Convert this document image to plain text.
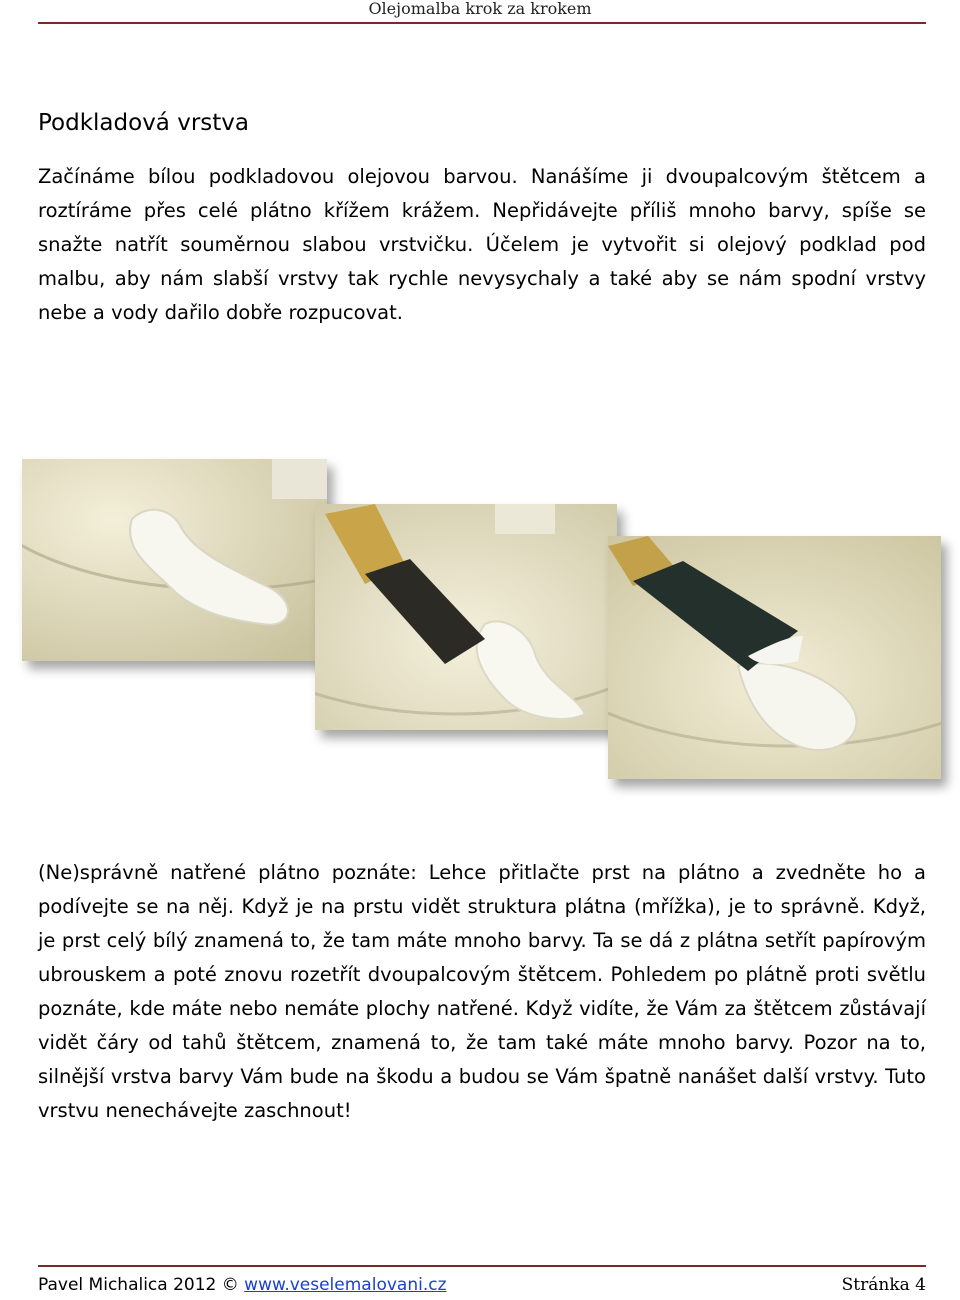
Olejomalba krok za krokem
Podkladová vrstva
Začínáme bílou podkladovou olejovou barvou. Nanášíme ji dvoupalcovým štětcem a roztíráme přes celé plátno křížem krážem. Nepřidávejte příliš mnoho barvy, spíše se snažte natřít souměrnou slabou vrstvičku. Účelem je vytvořit si olejový podklad pod malbu, aby nám slabší vrstvy tak rychle nevysychaly a také aby se nám spodní vrstvy nebe a vody dařilo dobře rozpucovat.
(Ne)správně natřené plátno poznáte: Lehce přitlačte prst na plátno a zvedněte ho a podívejte se na něj. Když je na prstu vidět struktura plátna (mřížka), je to správně. Když, je prst celý bílý znamená to, že tam máte mnoho barvy. Ta se dá z plátna setřít papírovým ubrouskem a poté znovu rozetřít dvoupalcovým štětcem. Pohledem po plátně proti světlu poznáte, kde máte nebo nemáte plochy natřené. Když vidíte, že Vám za štětcem zůstávají vidět čáry od tahů štětcem, znamená to, že tam také máte mnoho barvy. Pozor na to, silnější vrstva barvy Vám bude na škodu a budou se Vám špatně nanášet další vrstvy. Tuto vrstvu nenechávejte zaschnout!
Pavel Michalica 2012 © www.veselemalovani.cz	Stránka 4
